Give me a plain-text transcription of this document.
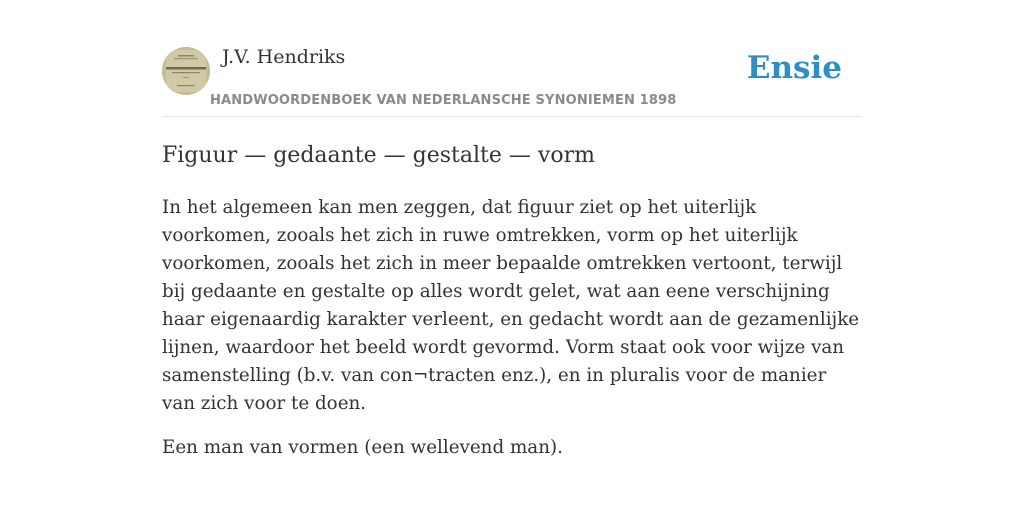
J.V. Hendriks
HANDWOORDENBOEK VAN NEDERLANSCHE SYNONIEMEN 1898
Ensie
Figuur — gedaante — gestalte — vorm

In het algemeen kan men zeggen, dat figuur ziet op het uiterlijk voorkomen, zooals het zich in ruwe omtrekken, vorm op het uiterlijk voorkomen, zooals het zich in meer bepaalde omtrekken vertoont, terwijl bij gedaante en gestalte op alles wordt gelet, wat aan eene verschijning haar eigenaardig karakter verleent, en gedacht wordt aan de gezamenlijke lijnen, waardoor het beeld wordt gevormd. Vorm staat ook voor wijze van samenstelling (b.v. van con¬tracten enz.), en in pluralis voor de manier van zich voor te doen.

Een man van vormen (een wellevend man).
